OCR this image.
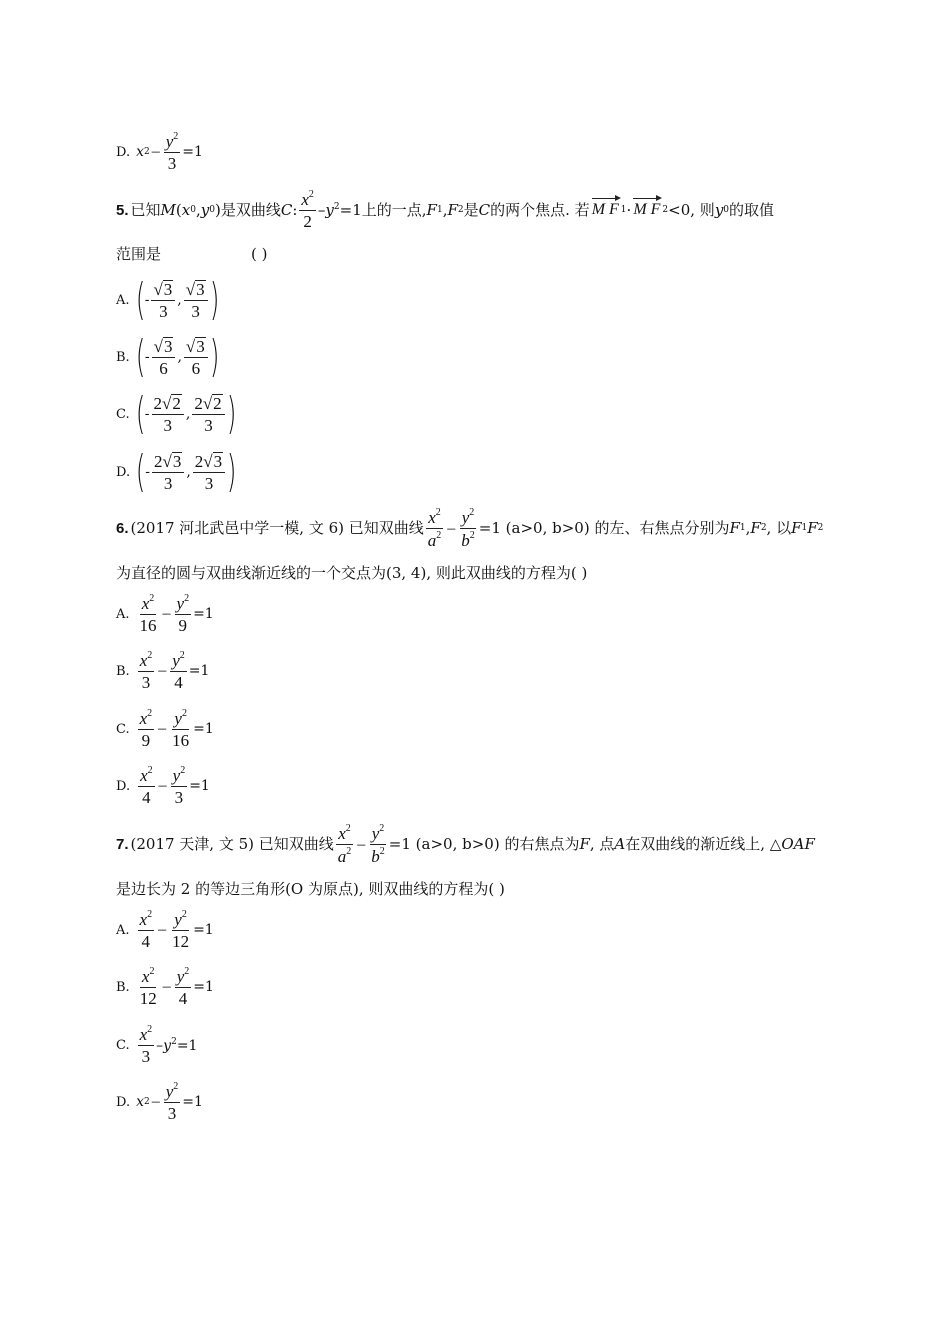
D. x $2 - \frac{y^2}{3} =1$
5. 已知 M ( x 0 , y 0 ) 是双曲线 C : $\frac{x^2}{2} -y^2=1$ 上的一点, F 1 , F 2 是 C 的两个焦点. 若 M F 1 · M F 2 <0, 则 y 0 的取值
范围是	( )
A. ( - $\frac{√3}{3}$ , $\frac{√3}{3}$ )
B. ( - $\frac{√3}{6}$ , $\frac{√3}{6}$ )
C. ( - $\frac{2√2}{3}$ , $\frac{2√2}{3}$ )
D. ( - $\frac{2√3}{3}$ , $\frac{2√3}{3}$ )
6. (2017 河北武邑中学一模, 文 6) 已知双曲线 $\frac{x^2}{a^2} - \frac{y^2}{b^2} =1$ (a>0, b>0) 的左、右焦点分别为 F 1 , F 2 , 以 F 1 F 2
为直径的圆与双曲线渐近线的一个交点为(3, 4), 则此双曲线的方程为( )
A. $\frac{x^2}{16} - \frac{y^2}{9} =1$
B. $\frac{x^2}{3} - \frac{y^2}{4} =1$
C. $\frac{x^2}{9} - \frac{y^2}{16} =1$
D. $\frac{x^2}{4} - \frac{y^2}{3} =1$
7. (2017 天津, 文 5) 已知双曲线 $\frac{x^2}{a^2} - \frac{y^2}{b^2} =1$ (a>0, b>0) 的右焦点为 F , 点 A 在双曲线的渐近线上, △ OAF
是边长为 2 的等边三角形(O 为原点), 则双曲线的方程为( )
A. $\frac{x^2}{4} - \frac{y^2}{12} =1$
B. $\frac{x^2}{12} - \frac{y^2}{4} =1$
C. $\frac{x^2}{3} -y^2=1$
D. x $2 - \frac{y^2}{3} =1$
